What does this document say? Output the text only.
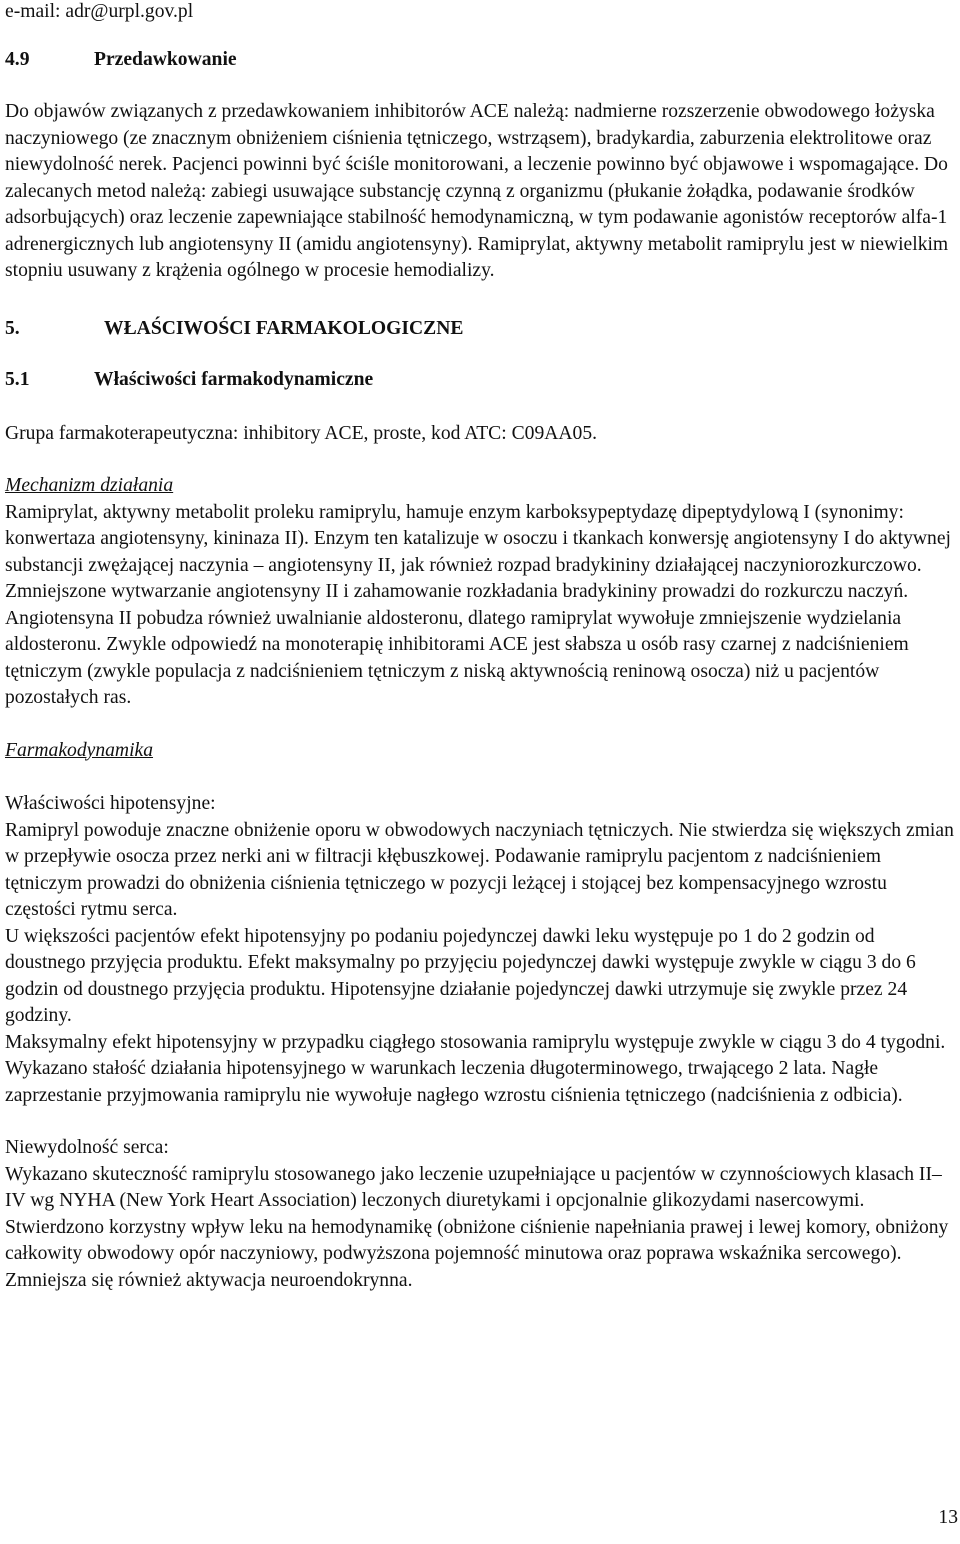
e-mail: adr@urpl.gov.pl

4.9	Przedawkowanie

Do objawów związanych z przedawkowaniem inhibitorów ACE należą: nadmierne rozszerzenie obwodowego łożyska naczyniowego (ze znacznym obniżeniem ciśnienia tętniczego, wstrząsem), bradykardia, zaburzenia elektrolitowe oraz niewydolność nerek. Pacjenci powinni być ściśle monitorowani, a leczenie powinno być objawowe i wspomagające. Do zalecanych metod należą: zabiegi usuwające substancję czynną z organizmu (płukanie żołądka, podawanie środków adsorbujących) oraz leczenie zapewniające stabilność hemodynamiczną, w tym podawanie agonistów receptorów alfa-1 adrenergicznych lub angiotensyny II (amidu angiotensyny). Ramiprylat, aktywny metabolit ramiprylu jest w niewielkim stopniu usuwany z krążenia ogólnego w procesie hemodializy.

5.	WŁAŚCIWOŚCI FARMAKOLOGICZNE
5.1	Właściwości farmakodynamiczne

Grupa farmakoterapeutyczna: inhibitory ACE, proste, kod ATC: C09AA05.

Mechanizm działania

Ramiprylat, aktywny metabolit proleku ramiprylu, hamuje enzym karboksypeptydazę dipeptydylową I (synonimy: konwertaza angiotensyny, kininaza II). Enzym ten katalizuje w osoczu i tkankach konwersję angiotensyny I do aktywnej substancji zwężającej naczynia – angiotensyny II, jak również rozpad bradykininy działającej naczyniorozkurczowo. Zmniejszone wytwarzanie angiotensyny II i zahamowanie rozkładania bradykininy prowadzi do rozkurczu naczyń.

Angiotensyna II pobudza również uwalnianie aldosteronu, dlatego ramiprylat wywołuje zmniejszenie wydzielania aldosteronu. Zwykle odpowiedź na monoterapię inhibitorami ACE jest słabsza u osób rasy czarnej z nadciśnieniem tętniczym (zwykle populacja z nadciśnieniem tętniczym z niską aktywnością reninową osocza) niż u pacjentów pozostałych ras.

Farmakodynamika

Właściwości hipotensyjne:

Ramipryl powoduje znaczne obniżenie oporu w obwodowych naczyniach tętniczych. Nie stwierdza się większych zmian w przepływie osocza przez nerki ani w filtracji kłębuszkowej. Podawanie ramiprylu pacjentom z nadciśnieniem tętniczym prowadzi do obniżenia ciśnienia tętniczego w pozycji leżącej i stojącej bez kompensacyjnego wzrostu częstości rytmu serca.

U większości pacjentów efekt hipotensyjny po podaniu pojedynczej dawki leku występuje po 1 do 2 godzin od doustnego przyjęcia produktu. Efekt maksymalny po przyjęciu pojedynczej dawki występuje zwykle w ciągu 3 do 6 godzin od doustnego przyjęcia produktu. Hipotensyjne działanie pojedynczej dawki utrzymuje się zwykle przez 24 godziny.

Maksymalny efekt hipotensyjny w przypadku ciągłego stosowania ramiprylu występuje zwykle w ciągu 3 do 4 tygodni. Wykazano stałość działania hipotensyjnego w warunkach leczenia długoterminowego, trwającego 2 lata. Nagłe zaprzestanie przyjmowania ramiprylu nie wywołuje nagłego wzrostu ciśnienia tętniczego (nadciśnienia z odbicia).

Niewydolność serca:

Wykazano skuteczność ramiprylu stosowanego jako leczenie uzupełniające u pacjentów w czynnościowych klasach II–IV wg NYHA (New York Heart Association) leczonych diuretykami i opcjonalnie glikozydami nasercowymi. Stwierdzono korzystny wpływ leku na hemodynamikę (obniżone ciśnienie napełniania prawej i lewej komory, obniżony całkowity obwodowy opór naczyniowy, podwyższona pojemność minutowa oraz poprawa wskaźnika sercowego). Zmniejsza się również aktywacja neuroendokrynna.

13
